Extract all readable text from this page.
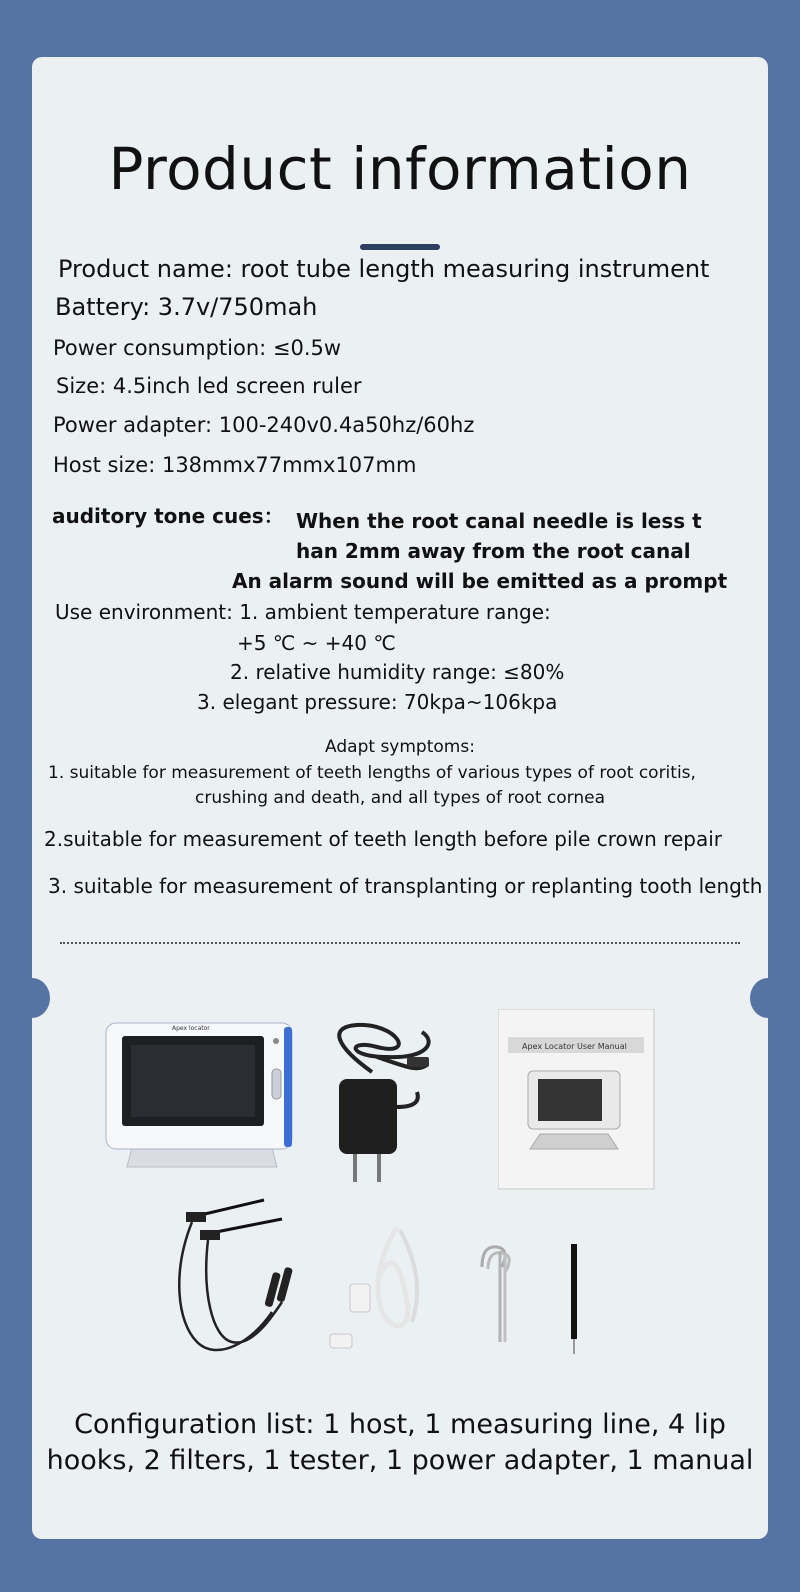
Product information
Product name: root tube length measuring instrument
Battery: 3.7v/750mah
Power consumption: ≤0.5w
Size: 4.5inch led screen ruler
Power adapter: 100-240v0.4a50hz/60hz
Host size: 138mmx77mmx107mm
auditory tone cues： When the root canal needle is less t
han 2mm away from the root canal
An alarm sound will be emitted as a prompt
Use environment: 1. ambient temperature range:
+5 ℃ ~ +40 ℃
2. relative humidity range: ≤80%
3. elegant pressure: 70kpa~106kpa
Adapt symptoms:
1. suitable for measurement of teeth lengths of various types of root coritis,
crushing and death, and all types of root cornea
2.suitable for measurement of teeth length before pile crown repair
3. suitable for measurement of transplanting or replanting tooth length
Apex locator
Apex Locator User Manual
Configuration list: 1 host, 1 measuring line, 4 lip
hooks, 2 filters, 1 tester, 1 power adapter, 1 manual
